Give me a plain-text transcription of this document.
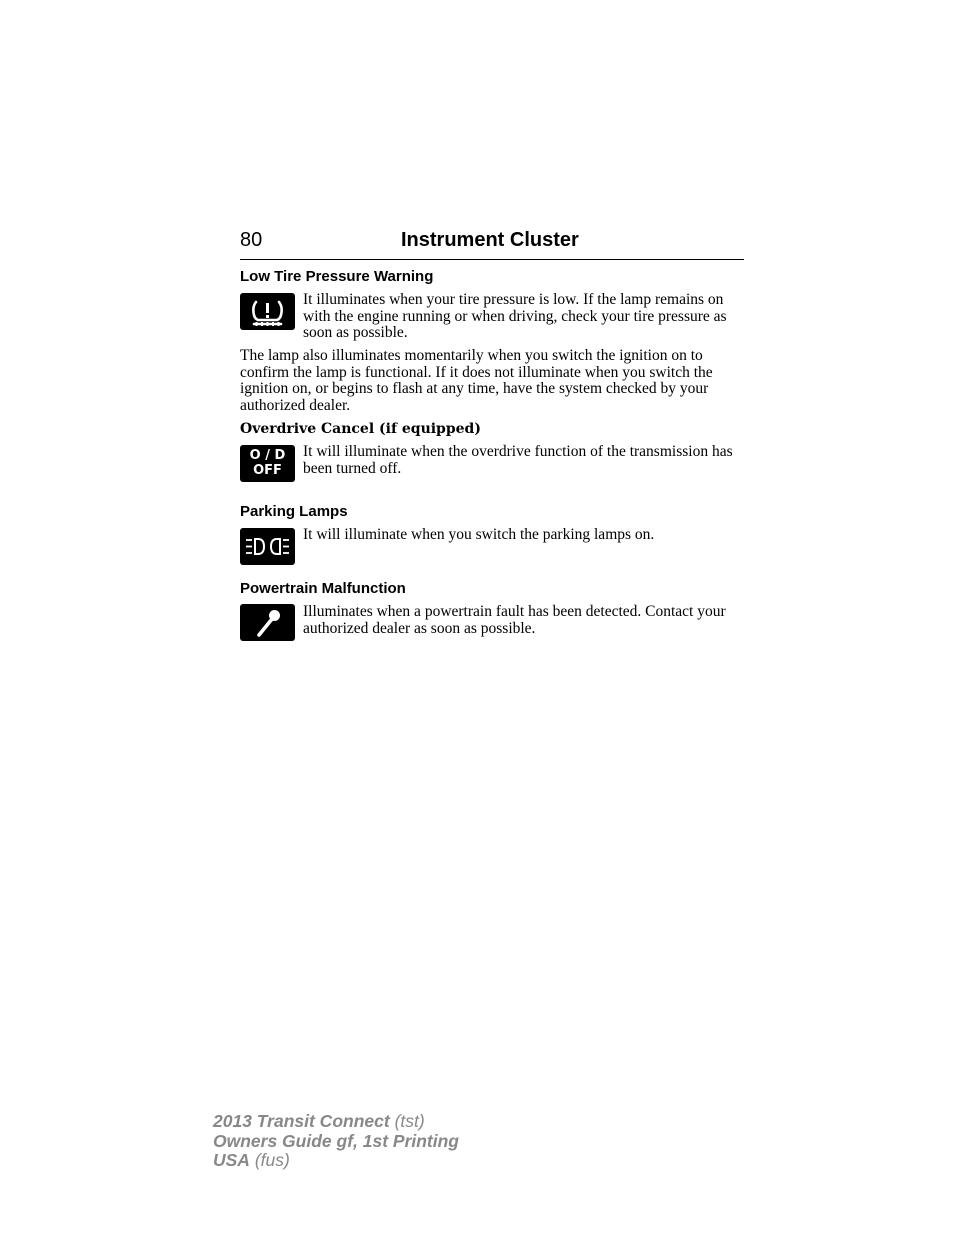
80	Instrument Cluster
Low Tire Pressure Warning

It illuminates when your tire pressure is low. If the lamp remains on with the engine running or when driving, check your tire pressure as soon as possible.

The lamp also illuminates momentarily when you switch the ignition on to confirm the lamp is functional. If it does not illuminate when you switch the ignition on, or begins to flash at any time, have the system checked by your authorized dealer.

Overdrive Cancel (if equipped)
O / D
OFF

It will illuminate when the overdrive function of the transmission has been turned off.

Parking Lamps

It will illuminate when you switch the parking lamps on.

Powertrain Malfunction

Illuminates when a powertrain fault has been detected. Contact your authorized dealer as soon as possible.

2013 Transit Connect (tst)
Owners Guide gf, 1st Printing
USA (fus)
